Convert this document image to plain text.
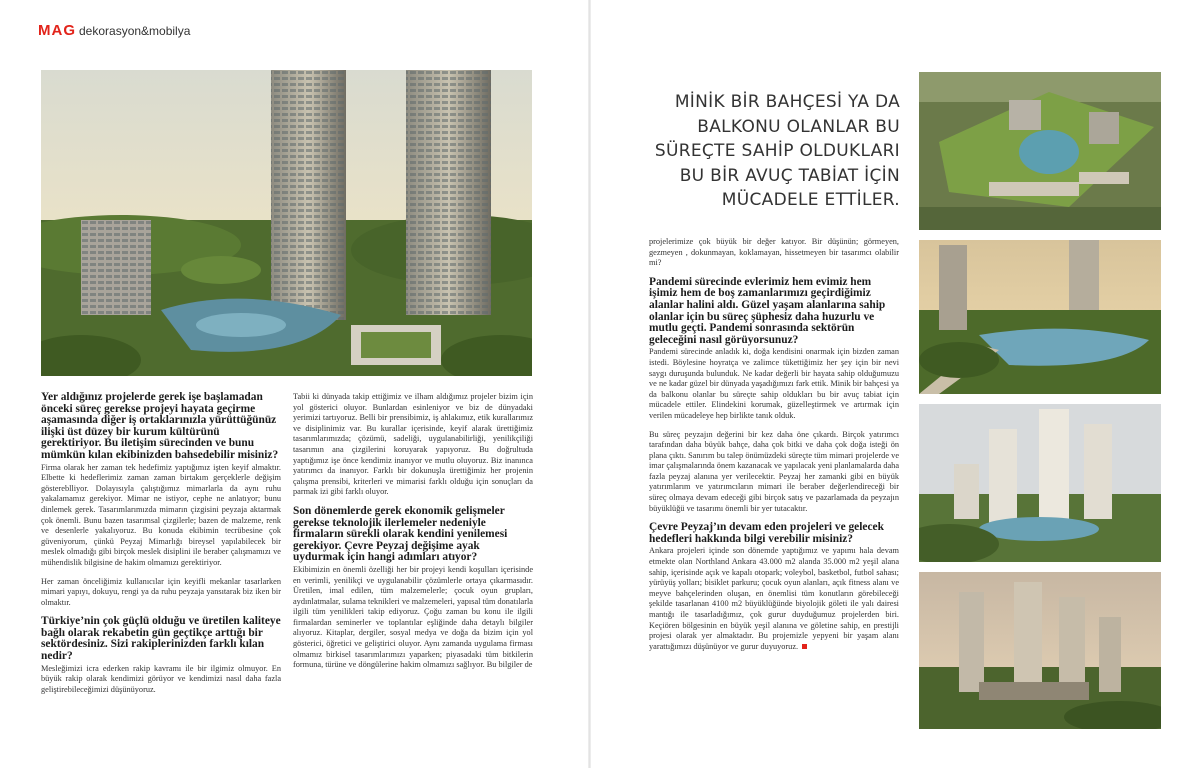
MAG dekorasyon&mobilya
MİNİK BİR BAHÇESİ YA DA BALKONU OLANLAR BU SÜREÇTE SAHİP OLDUKLARI BU BİR AVUÇ TABİAT İÇİN MÜCADELE ETTİLER.
Yer aldığınız projelerde gerek işe başlamadan önceki süreç gerekse projeyi hayata geçirme aşamasında diğer iş ortaklarınızla yürüttüğünüz ilişki üst düzey bir kurum kültürünü gerektiriyor. Bu iletişim sürecinden ve bunu mümkün kılan ekibinizden bahsedebilir misiniz?

Firma olarak her zaman tek hedefimiz yaptığımız işten keyif almaktır. Elbette ki hedeflerimiz zaman zaman birtakım gerçeklerle değişim göstereblliyor. Dolayısıyla çalıştığımız mimarlarla da aynı ruhu yakalamamız gerekiyor. Mimar ne istiyor, cephe ne anlatıyor; bunu dinlemek gerek. Tasarımlarımızda mimarın çizgisini peyzaja aktarmak çok önemli. Bunu bazen tasarımsal çizgilerle; bazen de malzeme, renk ve desenlerle yakalıyoruz. Bu konuda ekibimin tecrübesine çok güveniyorum, çünkü Peyzaj Mimarlığı bireysel yapılabilecek bir meslek olmadığı gibi birçok meslek disiplini ile beraber çalışmamızı ve mühendislik bilgisine de hakim olmamızı gerektiriyor.

Her zaman önceliğimiz kullanıcılar için keyifli mekanlar tasarlarken mimari yapıyı, dokuyu, rengi ya da ruhu peyzaja yansıtarak biz iken bir olmaktır.

Türkiye’nin çok güçlü olduğu ve üretilen kaliteye bağlı olarak rekabetin gün geçtikçe arttığı bir sektördesiniz. Sizi rakiplerinizden farklı kılan nedir?

Mesleğimizi icra ederken rakip kavramı ile bir ilgimiz olmuyor. En büyük rakip olarak kendimizi görüyor ve kendimizi nasıl daha fazla geliştirebileceğimizi düşünüyoruz.

Tabii ki dünyada takip ettiğimiz ve ilham aldığımız projeler bizim için yol gösterici oluyor. Bunlardan esinleniyor ve biz de dünyadaki yerimizi tartıyoruz. Belli bir prensibimiz, iş ahlakımız, etik kurallarımız ve disiplinimiz var. Bu kurallar içerisinde, keyif alarak ürettiğimiz tasarımlarımızda; çözümü, sadeliği, uygulanabilirliği, yenilikçiliği tasarımın ana çizgilerini koruyarak yapıyoruz. Bu doğrultuda yaptığımız işe önce kendimiz inanıyor ve mutlu oluyoruz. Biz inanınca yatırımcı da inanıyor. Farklı bir dokunuşla ürettiğimiz her projenin çalışma prensibi, kriterleri ve mimarisi farklı olduğu için sonuçları da parmak izi gibi farklı oluyor.

Son dönemlerde gerek ekonomik gelişmeler gerekse teknolojik ilerlemeler nedeniyle firmaların sürekli olarak kendini yenilemesi gerekiyor. Çevre Peyzaj değişime ayak uydurmak için hangi adımları atıyor?

Ekibimizin en önemli özelliği her bir projeyi kendi koşulları içerisinde en verimli, yenilikçi ve uygulanabilir çözümlerle ortaya çıkarmasıdır. Üretilen, imal edilen, tüm malzemelerle; çocuk oyun grupları, aydınlatmalar, sulama teknikleri ve malzemeleri, yapısal tüm donatılarla ilgili tüm yenilikleri takip ediyoruz. Çoğu zaman bu konu ile ilgili firmalardan seminerler ve toplantılar eşliğinde daha detaylı bilgiler alıyoruz. Kitaplar, dergiler, sosyal medya ve doğa da bizim için yol gösterici, öğretici ve geliştirici oluyor. Aynı zamanda uygulama firması olmamız birkisel tasarımlarımızı yaparken; piyasadaki tüm bitkilerin formuna, türüne ve döngülerine hakim olmamızı sağlıyor. Bu bilgiler de

projelerimize çok büyük bir değer katıyor. Bir düşünün; görmeyen, gezmeyen , dokunmayan, koklamayan, hissetmeyen bir tasarımcı olabilir mi?

Pandemi sürecinde evlerimiz hem evimiz hem işimiz hem de boş zamanlarımızı geçirdiğimiz alanlar halini aldı. Güzel yaşam alanlarına sahip olanlar için bu süreç şüphesiz daha huzurlu ve mutlu geçti. Pandemi sonrasında sektörün geleceğini nasıl görüyorsunuz?

Pandemi sürecinde anladık ki, doğa kendisini onarmak için bizden zaman istedi. Böylesine hoyratça ve zalimce tükettiğimiz her şey için bir nevi saygı duruşunda bulunduk. Ne kadar değerli bir hayata sahip olduğumuzu ve ne kadar güzel bir dünyada yaşadığımızı fark ettik. Minik bir bahçesi ya da balkonu olanlar bu süreçte sahip oldukları bu bir avuç tabiat için mücadele ettiler. Elindekini korumak, güzelleştirmek ve artırmak için verilen mücadeleye hep birlikte tanık olduk.

Bu süreç peyzajın değerini bir kez daha öne çıkardı. Birçok yatırımcı tarafından daha büyük bahçe, daha çok bitki ve daha çok doğa isteği ön plana çıktı. Sanırım bu talep önümüzdeki süreçte tüm mimari projelerde ve imar çalışmalarında önem kazanacak ve yapılacak yeni planlamalarda daha fazla peyzaj alanına yer verilecektir. Peyzaj her zamanki gibi en büyük yatırımlarım ve yatırımcıların mimari ile beraber değerlendireceği bir süreç olmaya devam edeceği gibi birçok satış ve pazarlamada da peyzajın büyüklüğü ve tasarımı önemli bir yer tutacaktır.

Çevre Peyzaj’ın devam eden projeleri ve gelecek hedefleri hakkında bilgi verebilir misiniz?

Ankara projeleri içinde son dönemde yaptığımız ve yapımı hala devam etmekte olan Northland Ankara 43.000 m2 alanda 35.000 m2 yeşil alana sahip, içerisinde açık ve kapalı otopark; voleybol, basketbol, futbol sahası; yürüyüş yolları; bisiklet parkuru; çocuk oyun alanları, açık fitness alanı ve meyve bahçelerinden oluşan, en önemlisi tüm konutların görebileceği şekilde tasarlanan 4100 m2 büyüklüğünde biyolojik göleti ile yalı dairesi mantığı ile tasarladığımız, çok gurur duyduğumuz projelerden biri. Keçiören bölgesinin en büyük yeşil alanına ve göletine sahip, en prestijli projesi olarak yer almaktadır. Bu projemizle yepyeni bir yaşam alanı yarattığımızı düşünüyor ve gurur duyuyoruz.
